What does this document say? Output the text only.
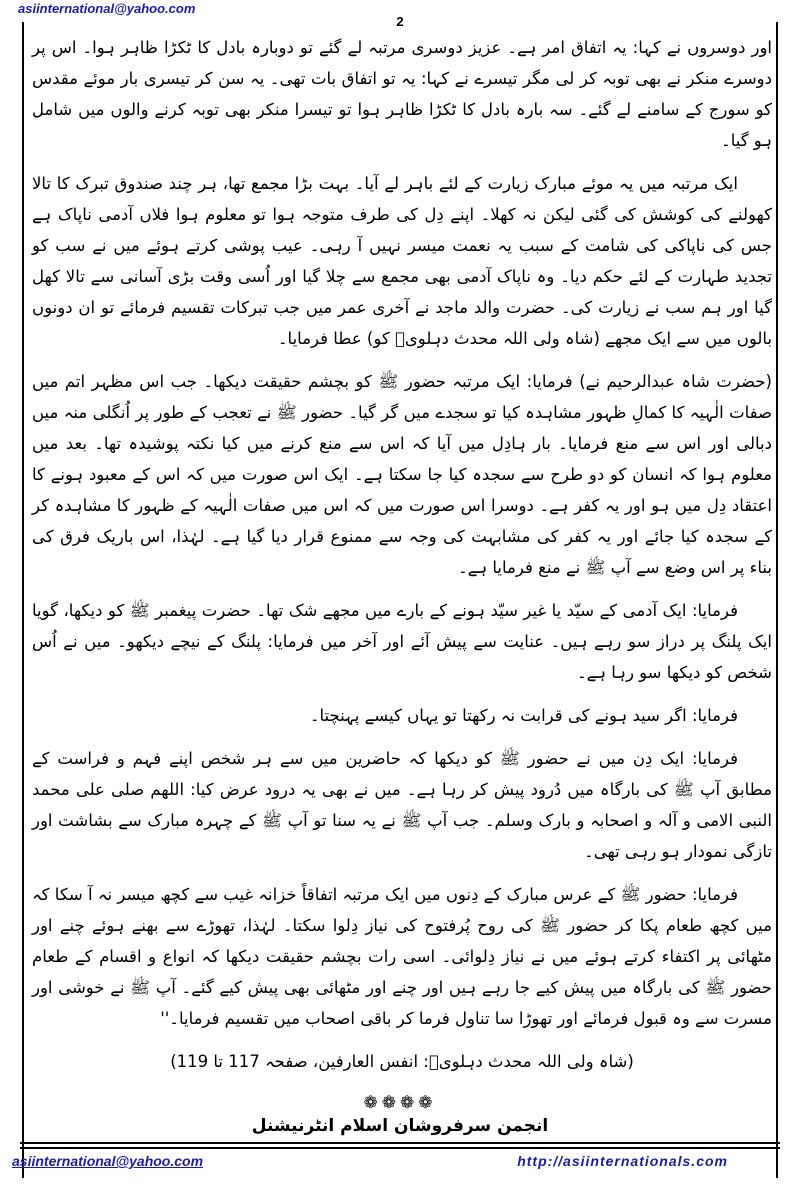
asiinternational@yahoo.com
2

اور دوسروں نے کہا: یہ اتفاق امر ہے۔ عزیز دوسری مرتبہ لے گئے تو دوبارہ بادل کا ٹکڑا ظاہر ہوا۔ اس پر دوسرے منکر نے بھی توبہ کر لی مگر تیسرے نے کہا: یہ تو اتفاق بات تھی۔ یہ سن کر تیسری بار موئے مقدس کو سورج کے سامنے لے گئے۔ سہ بارہ بادل کا ٹکڑا ظاہر ہوا تو تیسرا منکر بھی توبہ کرنے والوں میں شامل ہو گیا۔

ایک مرتبہ میں یہ موئے مبارک زیارت کے لئے باہر لے آیا۔ بہت بڑا مجمع تھا، ہر چند صندوق تبرک کا تالا کھولنے کی کوشش کی گئی لیکن نہ کھلا۔ اپنے دِل کی طرف متوجہ ہوا تو معلوم ہوا فلاں آدمی ناپاک ہے جس کی ناپاکی کی شامت کے سبب یہ نعمت میسر نہیں آ رہی۔ عیب پوشی کرتے ہوئے میں نے سب کو تجدید طہارت کے لئے حکم دیا۔ وہ ناپاک آدمی بھی مجمع سے چلا گیا اور اُسی وقت بڑی آسانی سے تالا کھل گیا اور ہم سب نے زیارت کی۔ حضرت والد ماجد نے آخری عمر میں جب تبرکات تقسیم فرمائے تو ان دونوں بالوں میں سے ایک مجھے (شاہ ولی اللہ محدث دہلویؒ کو) عطا فرمایا۔

(حضرت شاہ عبدالرحیم نے) فرمایا: ایک مرتبہ حضور ﷺ کو بچشم حقیقت دیکھا۔ جب اس مظہر اتم میں صفات الٰہیہ کا کمالِ ظہور مشاہدہ کیا تو سجدے میں گر گیا۔ حضور ﷺ نے تعجب کے طور پر اُنگلی منہ میں دبالی اور اس سے منع فرمایا۔ بار ہادِل میں آیا کہ اس سے منع کرنے میں کیا نکتہ پوشیدہ تھا۔ بعد میں معلوم ہوا کہ انسان کو دو طرح سے سجدہ کیا جا سکتا ہے۔ ایک اس صورت میں کہ اس کے معبود ہونے کا اعتقاد دِل میں ہو اور یہ کفر ہے۔ دوسرا اس صورت میں کہ اس میں صفات الٰہیہ کے ظہور کا مشاہدہ کر کے سجدہ کیا جائے اور یہ کفر کی مشابہت کی وجہ سے ممنوع قرار دیا گیا ہے۔ لہٰذا، اس باریک فرق کی بناء پر اس وضع سے آپ ﷺ نے منع فرمایا ہے۔

فرمایا: ایک آدمی کے سیّد یا غیر سیّد ہونے کے بارے میں مجھے شک تھا۔ حضرت پیغمبر ﷺ کو دیکھا، گویا ایک پلنگ پر دراز سو رہے ہیں۔ عنایت سے پیش آئے اور آخر میں فرمایا: پلنگ کے نیچے دیکھو۔ میں نے اُس شخص کو دیکھا سو رہا ہے۔

فرمایا: اگر سید ہونے کی قرابت نہ رکھتا تو یہاں کیسے پہنچتا۔

فرمایا: ایک دِن میں نے حضور ﷺ کو دیکھا کہ حاضرین میں سے ہر شخص اپنے فہم و فراست کے مطابق آپ ﷺ کی بارگاہ میں دُرود پیش کر رہا ہے۔ میں نے بھی یہ درود عرض کیا: اللھم صلی علی محمد النبی الامی و آلہ و اصحابہ و بارک وسلم۔ جب آپ ﷺ نے یہ سنا تو آپ ﷺ کے چہرہ مبارک سے بشاشت اور تازگی نمودار ہو رہی تھی۔

فرمایا: حضور ﷺ کے عرس مبارک کے دِنوں میں ایک مرتبہ اتفاقاً خزانہ غیب سے کچھ میسر نہ آ سکا کہ میں کچھ طعام پکا کر حضور ﷺ کی روح پُرفتوح کی نیاز دِلوا سکتا۔ لہٰذا، تھوڑے سے بھنے ہوئے چنے اور مٹھائی پر اکتفاء کرتے ہوئے میں نے نیاز دِلوائی۔ اسی رات بچشم حقیقت دیکھا کہ انواع و اقسام کے طعام حضور ﷺ کی بارگاہ میں پیش کیے جا رہے ہیں اور چنے اور مٹھائی بھی پیش کیے گئے۔ آپ ﷺ نے خوشی اور مسرت سے وہ قبول فرمائے اور تھوڑا سا تناول فرما کر باقی اصحاب میں تقسیم فرمایا۔''

(شاہ ولی اللہ محدث دہلویؒ: انفس العارفین، صفحہ 117 تا 119)

❁❁❁❁
انجمن سرفروشان اسلام انٹرنیشنل
asiinternational@yahoo.com	http://asiinternationals.com
